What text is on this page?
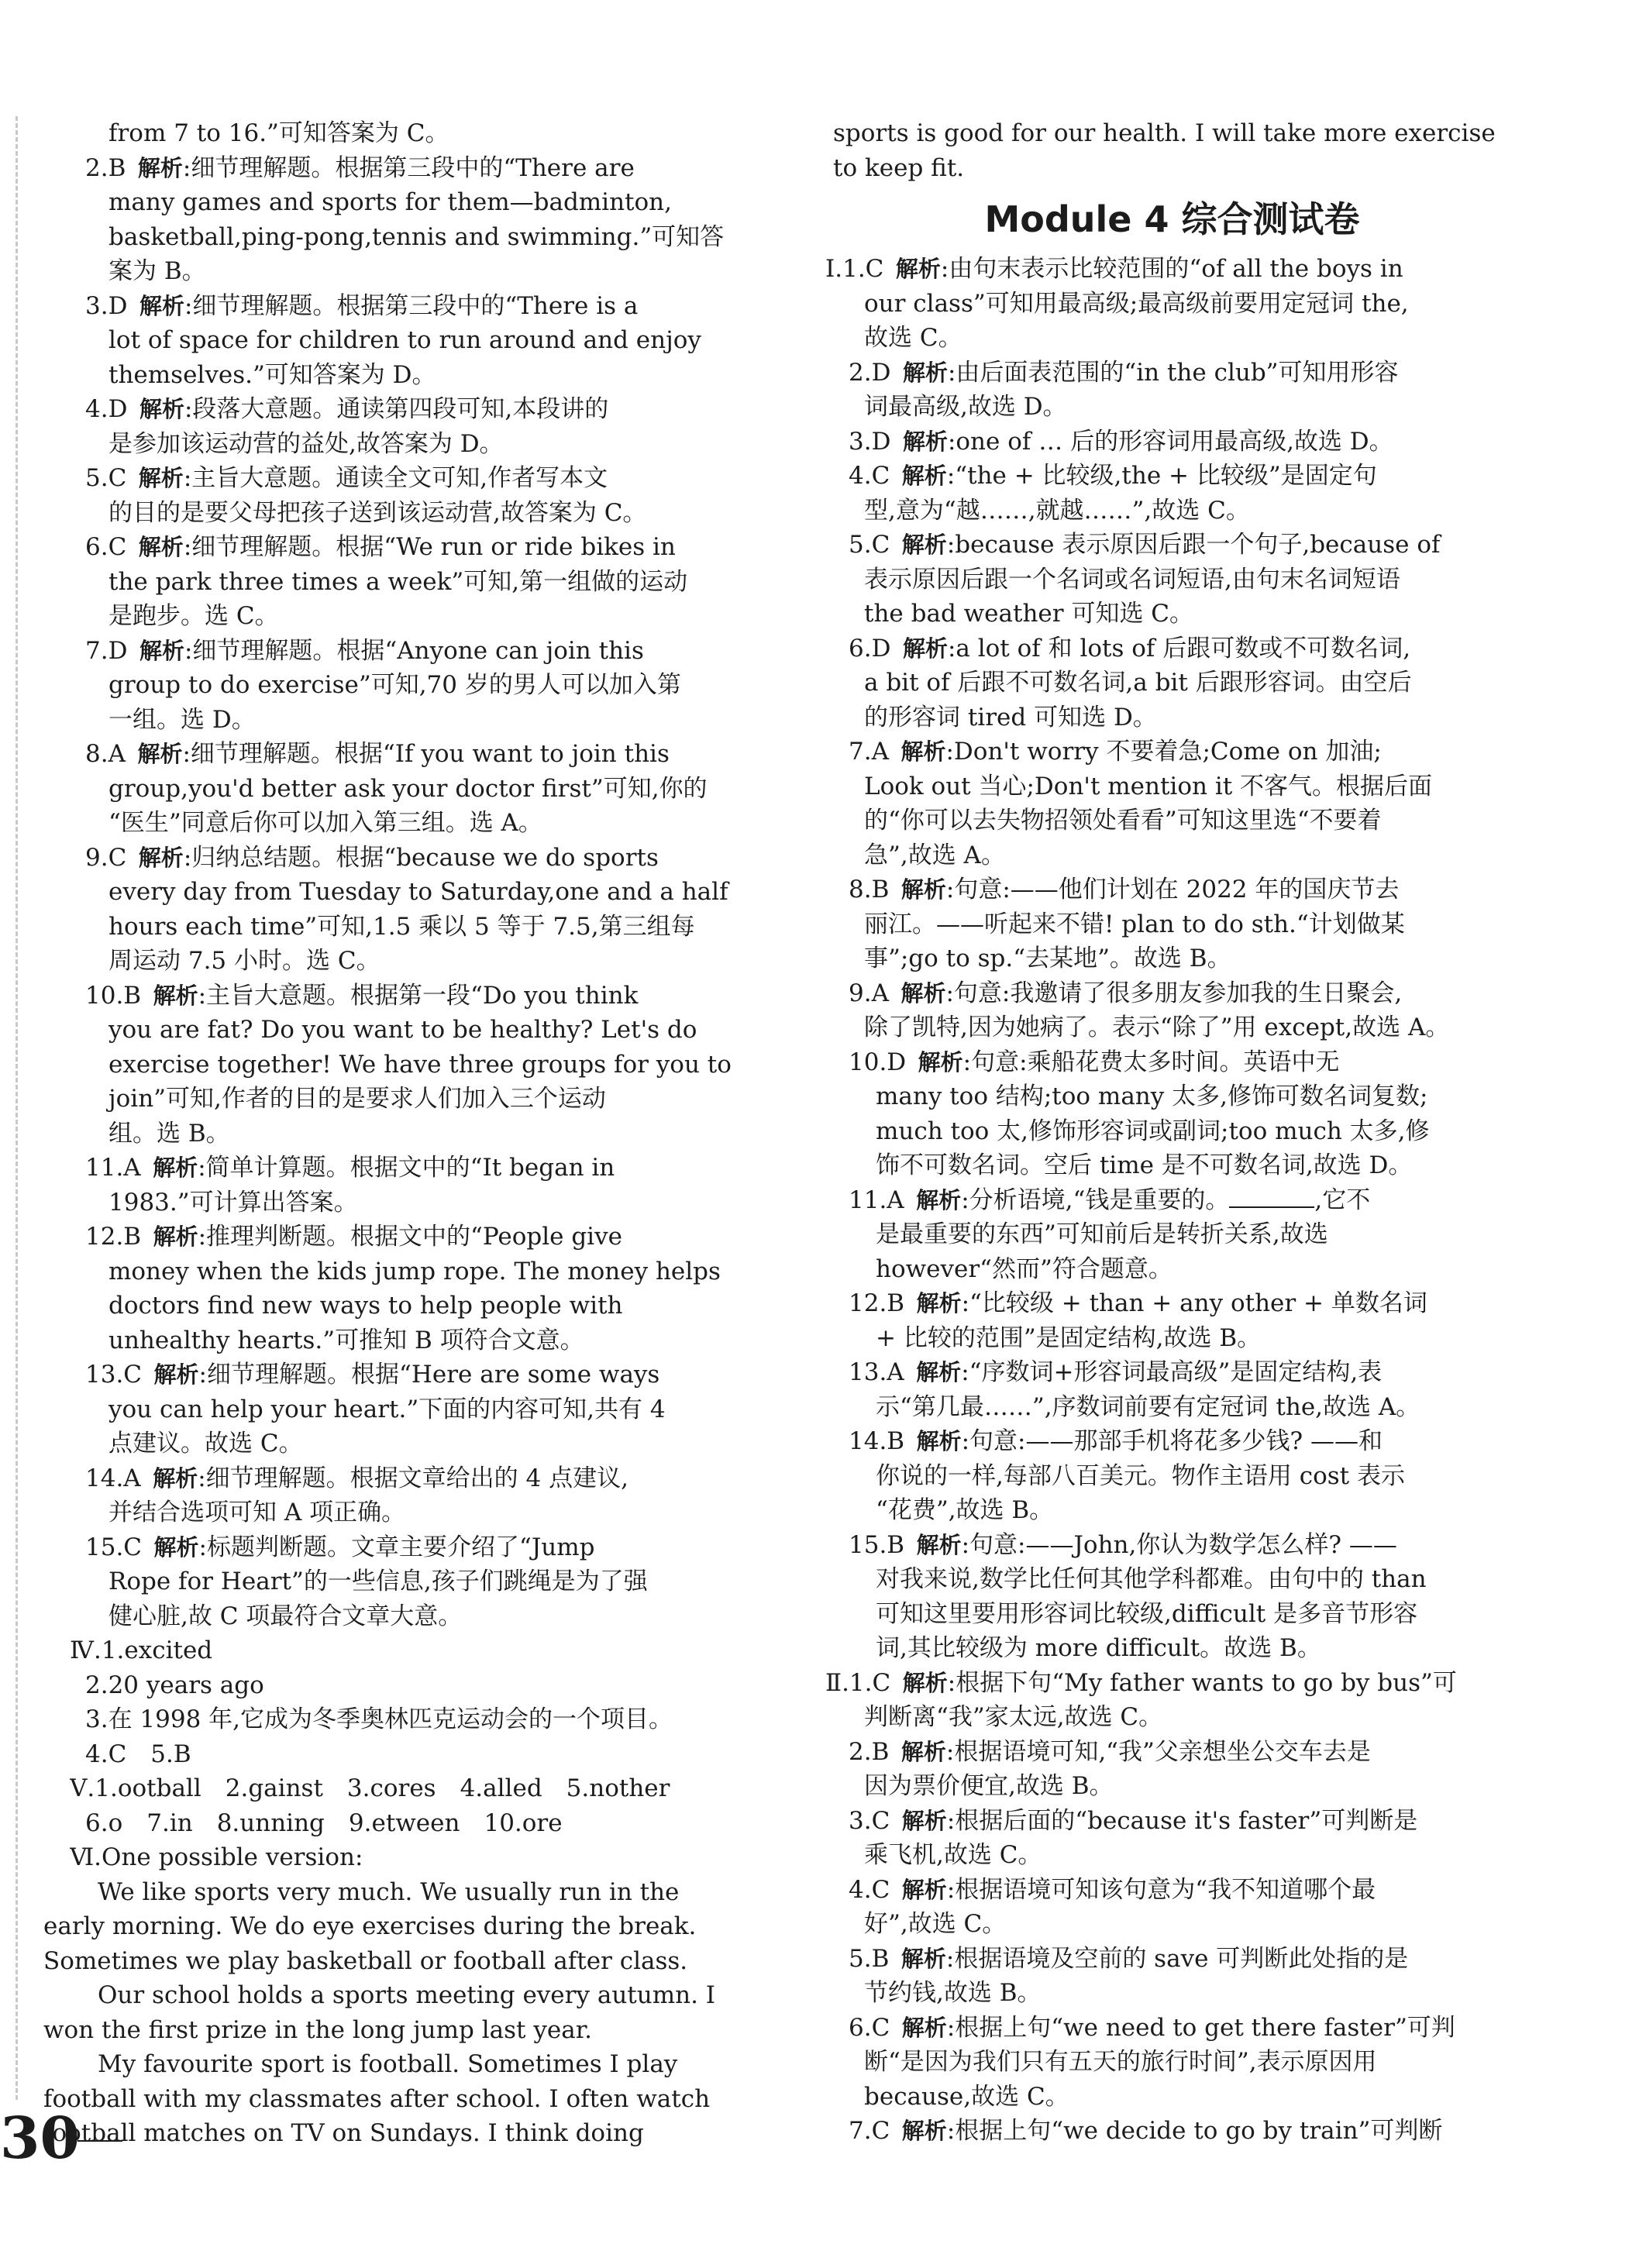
from 7 to 16.”可知答案为 C。
2.B  解析:细节理解题。根据第三段中的“There are
many games and sports for them—badminton,
basketball,ping-pong,tennis and swimming.”可知答
案为 B。
3.D  解析:细节理解题。根据第三段中的“There is a
lot of space for children to run around and enjoy
themselves.”可知答案为 D。
4.D  解析:段落大意题。通读第四段可知,本段讲的
是参加该运动营的益处,故答案为 D。
5.C  解析:主旨大意题。通读全文可知,作者写本文
的目的是要父母把孩子送到该运动营,故答案为 C。
6.C  解析:细节理解题。根据“We run or ride bikes in
the park three times a week”可知,第一组做的运动
是跑步。选 C。
7.D  解析:细节理解题。根据“Anyone can join this
group to do exercise”可知,70 岁的男人可以加入第
一组。选 D。
8.A  解析:细节理解题。根据“If you want to join this
group,you'd better ask your doctor first”可知,你的
“医生”同意后你可以加入第三组。选 A。
9.C  解析:归纳总结题。根据“because we do sports
every day from Tuesday to Saturday,one and a half
hours each time”可知,1.5 乘以 5 等于 7.5,第三组每
周运动 7.5 小时。选 C。
10.B  解析:主旨大意题。根据第一段“Do you think
you are fat? Do you want to be healthy? Let's do
exercise together! We have three groups for you to
join”可知,作者的目的是要求人们加入三个运动
组。选 B。
11.A  解析:简单计算题。根据文中的“It began in
1983.”可计算出答案。
12.B  解析:推理判断题。根据文中的“People give
money when the kids jump rope. The money helps
doctors find new ways to help people with
unhealthy hearts.”可推知 B 项符合文意。
13.C  解析:细节理解题。根据“Here are some ways
you can help your heart.”下面的内容可知,共有 4
点建议。故选 C。
14.A  解析:细节理解题。根据文章给出的 4 点建议,
并结合选项可知 A 项正确。
15.C  解析:标题判断题。文章主要介绍了“Jump
Rope for Heart”的一些信息,孩子们跳绳是为了强
健心脏,故 C 项最符合文章大意。
Ⅳ.1.excited
2.20 years ago
3.在 1998 年,它成为冬季奥林匹克运动会的一个项目。
4.C　5.B
Ⅴ.1.ootball　2.gainst　3.cores　4.alled　5.nother
6.o　7.in　8.unning　9.etween　10.ore
Ⅵ.One possible version:
We like sports very much. We usually run in the
early morning. We do eye exercises during the break.
Sometimes we play basketball or football after class.
Our school holds a sports meeting every autumn. I
won the first prize in the long jump last year.
My favourite sport is football. Sometimes I play
football with my classmates after school. I often watch
football matches on TV on Sundays. I think doing
sports is good for our health. I will take more exercise
to keep fit.
Module 4 综合测试卷
Ⅰ.1.C  解析:由句末表示比较范围的“of all the boys in
our class”可知用最高级;最高级前要用定冠词 the,
故选 C。
2.D  解析:由后面表范围的“in the club”可知用形容
词最高级,故选 D。
3.D  解析:one of … 后的形容词用最高级,故选 D。
4.C  解析:“the + 比较级,the + 比较级”是固定句
型,意为“越……,就越……”,故选 C。
5.C  解析:because 表示原因后跟一个句子,because of
表示原因后跟一个名词或名词短语,由句末名词短语
the bad weather 可知选 C。
6.D  解析:a lot of 和 lots of 后跟可数或不可数名词,
a bit of 后跟不可数名词,a bit 后跟形容词。由空后
的形容词 tired 可知选 D。
7.A  解析:Don't worry 不要着急;Come on 加油;
Look out 当心;Don't mention it 不客气。根据后面
的“你可以去失物招领处看看”可知这里选“不要着
急”,故选 A。
8.B  解析:句意:——他们计划在 2022 年的国庆节去
丽江。——听起来不错! plan to do sth.“计划做某
事”;go to sp.“去某地”。故选 B。
9.A  解析:句意:我邀请了很多朋友参加我的生日聚会,
除了凯特,因为她病了。表示“除了”用 except,故选 A。
10.D  解析:句意:乘船花费太多时间。英语中无
many too 结构;too many 太多,修饰可数名词复数;
much too 太,修饰形容词或副词;too much 太多,修
饰不可数名词。空后 time 是不可数名词,故选 D。
11.A  解析:分析语境,“钱是重要的。	,它不
是最重要的东西”可知前后是转折关系,故选
however“然而”符合题意。
12.B  解析:“比较级 + than + any other + 单数名词
+ 比较的范围”是固定结构,故选 B。
13.A  解析:“序数词+形容词最高级”是固定结构,表
示“第几最……”,序数词前要有定冠词 the,故选 A。
14.B  解析:句意:——那部手机将花多少钱? ——和
你说的一样,每部八百美元。物作主语用 cost 表示
“花费”,故选 B。
15.B  解析:句意:——John,你认为数学怎么样? ——
对我来说,数学比任何其他学科都难。由句中的 than
可知这里要用形容词比较级,difficult 是多音节形容
词,其比较级为 more difficult。故选 B。
Ⅱ.1.C  解析:根据下句“My father wants to go by bus”可
判断离“我”家太远,故选 C。
2.B  解析:根据语境可知,“我”父亲想坐公交车去是
因为票价便宜,故选 B。
3.C  解析:根据后面的“because it's faster”可判断是
乘飞机,故选 C。
4.C  解析:根据语境可知该句意为“我不知道哪个最
好”,故选 C。
5.B  解析:根据语境及空前的 save 可判断此处指的是
节约钱,故选 B。
6.C  解析:根据上句“we need to get there faster”可判
断“是因为我们只有五天的旅行时间”,表示原因用
because,故选 C。
7.C  解析:根据上句“we decide to go by train”可判断
30
